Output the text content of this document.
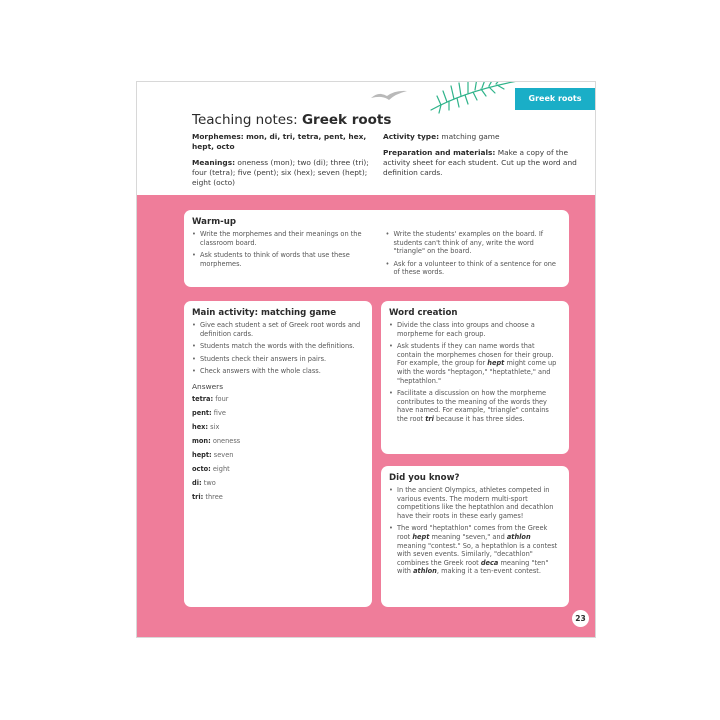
Greek roots
Teaching notes: Greek roots

Morphemes: mon, di, tri, tetra, pent, hex, hept, octo

Meanings: oneness (mon); two (di); three (tri); four (tetra); five (pent); six (hex); seven (hept); eight (octo)

Activity type: matching game

Preparation and materials: Make a copy of the activity sheet for each student. Cut up the word and definition cards.

Warm-up
• Write the morphemes and their meanings on the classroom board.
• Ask students to think of words that use these morphemes.
• Write the students' examples on the board. If students can't think of any, write the word "triangle" on the board.
• Ask for a volunteer to think of a sentence for one of these words.
Main activity: matching game
• Give each student a set of Greek root words and definition cards.
• Students match the words with the definitions.
• Students check their answers in pairs.
• Check answers with the whole class.
Answers

tetra: four

pent: five

hex: six

mon: oneness

hept: seven

octo: eight

di: two

tri: three

Word creation
• Divide the class into groups and choose a morpheme for each group.
• Ask students if they can name words that contain the morphemes chosen for their group. For example, the group for hept might come up with the words "heptagon," "heptathlete," and "heptathlon."
• Facilitate a discussion on how the morpheme contributes to the meaning of the words they have named. For example, "triangle" contains the root tri because it has three sides.
Did you know?
• In the ancient Olympics, athletes competed in various events. The modern multi-sport competitions like the heptathlon and decathlon have their roots in these early games!
• The word "heptathlon" comes from the Greek root hept meaning "seven," and athlon meaning "contest." So, a heptathlon is a contest with seven events. Similarly, "decathlon" combines the Greek root deca meaning "ten" with athlon, making it a ten-event contest.
23
